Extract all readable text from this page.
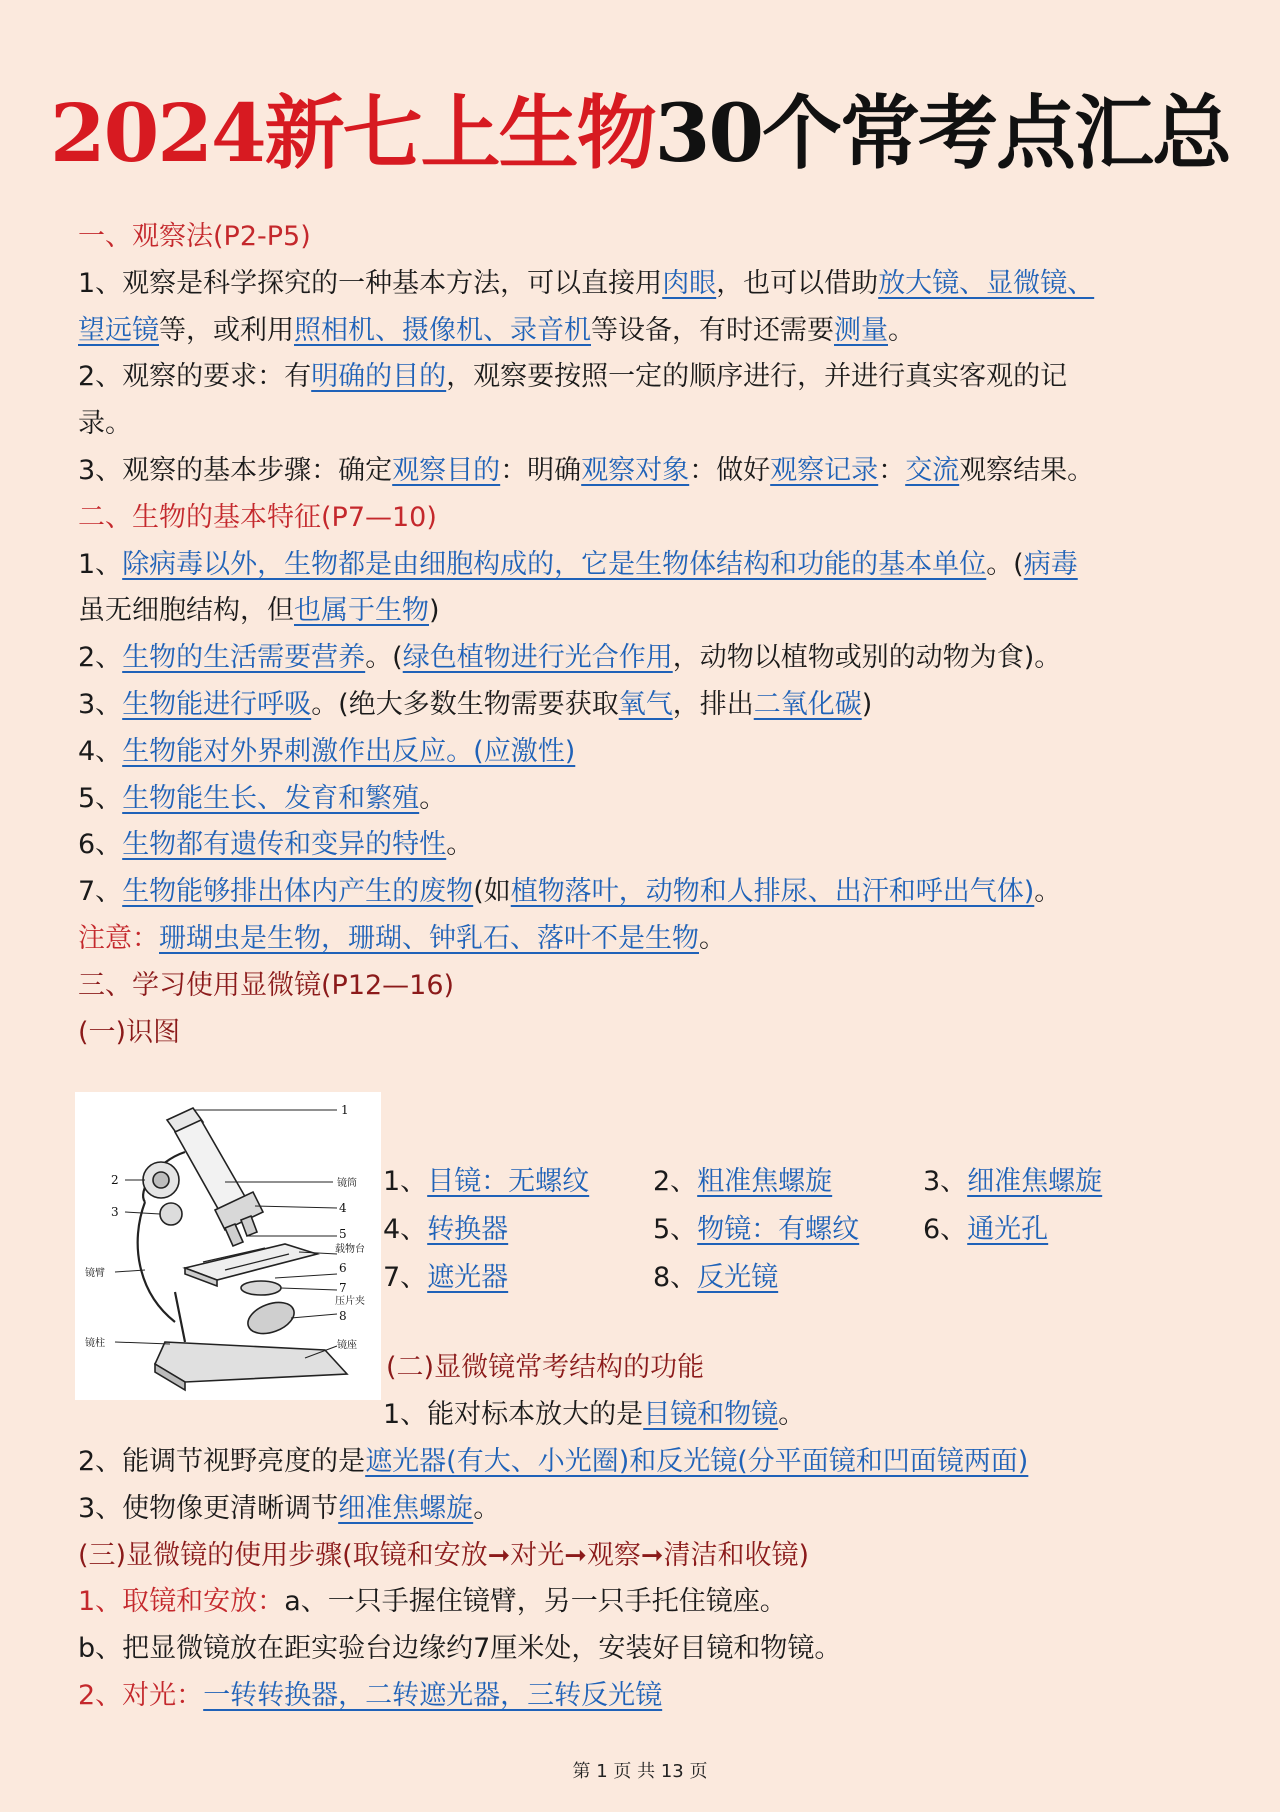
2024新七上生物30个常考点汇总

一、观察法(P2-P5)

1、观察是科学探究的一种基本方法，可以直接用肉眼，也可以借助放大镜、显微镜、

望远镜等，或利用照相机、摄像机、录音机等设备，有时还需要测量。

2、观察的要求：有明确的目的，观察要按照一定的顺序进行，并进行真实客观的记

录。

3、观察的基本步骤：确定观察目的：明确观察对象：做好观察记录：交流观察结果。

二、生物的基本特征(P7—10)

1、除病毒以外，生物都是由细胞构成的，它是生物体结构和功能的基本单位。(病毒

虽无细胞结构，但也属于生物)

2、生物的生活需要营养。(绿色植物进行光合作用，动物以植物或别的动物为食)。

3、生物能进行呼吸。(绝大多数生物需要获取氧气，排出二氧化碳)

4、生物能对外界刺激作出反应。(应激性)

5、生物能生长、发育和繁殖。

6、生物都有遗传和变异的特性。

7、生物能够排出体内产生的废物(如植物落叶，动物和人排尿、出汗和呼出气体)。

注意：珊瑚虫是生物，珊瑚、钟乳石、落叶不是生物。

三、学习使用显微镜(P12—16)

(一)识图

1
2
3
镜筒
4
5
载物台
6
7
压片夹
8
镜座
镜臂
镜柱
1、目镜：无螺纹 2、粗准焦螺旋	3、细准焦螺旋
4、转换器	5、物镜：有螺纹 6、通光孔
7、遮光器	8、反光镜
(二)显微镜常考结构的功能
1、能对标本放大的是目镜和物镜。

2、能调节视野亮度的是遮光器(有大、小光圈)和反光镜(分平面镜和凹面镜两面)

3、使物像更清晰调节细准焦螺旋。

(三)显微镜的使用步骤(取镜和安放➞对光➞观察➞清洁和收镜)

1、取镜和安放：a、一只手握住镜臂，另一只手托住镜座。

b、把显微镜放在距实验台边缘约7厘米处，安装好目镜和物镜。

2、对光：一转转换器，二转遮光器，三转反光镜

第 1 页 共 13 页
